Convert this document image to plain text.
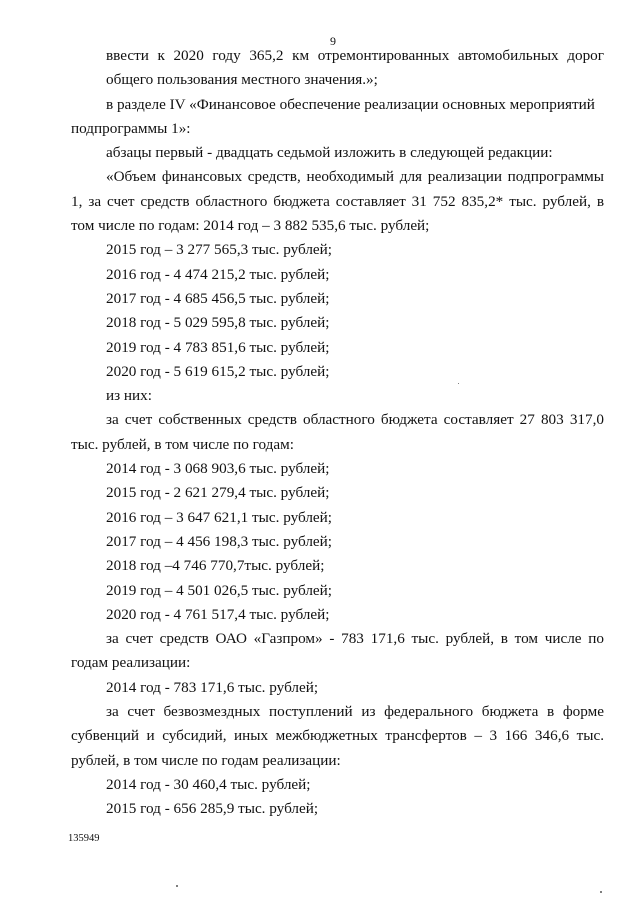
9
ввести к 2020 году 365,2 км отремонтированных автомобильных дорог
общего пользования местного значения.»;
в разделе IV «Финансовое обеспечение реализации основных мероприятий
подпрограммы 1»:
абзацы первый - двадцать седьмой изложить в следующей редакции:
«Объем финансовых средств, необходимый для реализации подпрограммы
1, за счет средств областного бюджета составляет 31 752 835,2* тыс. рублей, в
том числе по годам: 2014 год – 3 882 535,6 тыс. рублей;
2015 год – 3 277 565,3 тыс. рублей;
2016 год - 4 474 215,2 тыс. рублей;
2017 год - 4 685 456,5 тыс. рублей;
2018 год - 5 029 595,8 тыс. рублей;
2019 год - 4 783 851,6 тыс. рублей;
2020 год - 5 619 615,2 тыс. рублей;
из них:
за счет собственных средств областного бюджета составляет 27 803 317,0
тыс. рублей, в том числе по годам:
2014 год - 3 068 903,6 тыс. рублей;
2015 год - 2 621 279,4 тыс. рублей;
2016 год – 3 647 621,1 тыс. рублей;
2017 год – 4 456 198,3 тыс. рублей;
2018 год –4 746 770,7тыс. рублей;
2019 год – 4 501 026,5 тыс. рублей;
2020 год - 4 761 517,4 тыс. рублей;
за счет средств ОАО «Газпром» - 783 171,6 тыс. рублей, в том числе по
годам реализации:
2014 год - 783 171,6 тыс. рублей;
за счет безвозмездных поступлений из федерального бюджета в форме
субвенций и субсидий, иных межбюджетных трансфертов – 3 166 346,6 тыс.
рублей, в том числе по годам реализации:
2014 год - 30 460,4 тыс. рублей;
2015 год - 656 285,9 тыс. рублей;
135949
